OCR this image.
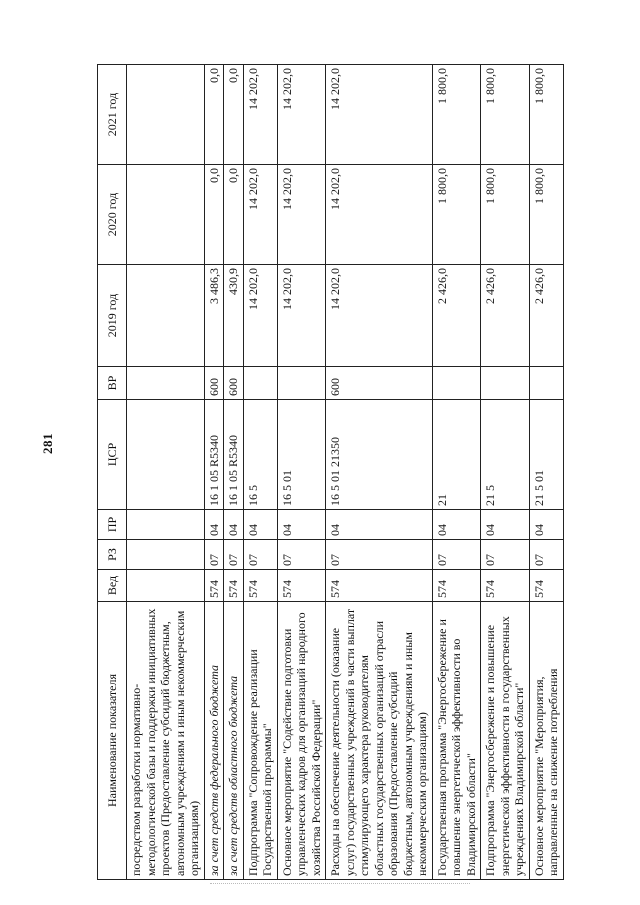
281
Наименование показателя	Вед	РЗ	ПР	ЦСР	ВР	2019 год	2020 год	2021 год
посредством разработки нормативно-методологической базы и поддержки инициативных проектов (Предоставление субсидий бюджетным, автономным учреждениям и иным некоммерческим организациям)								
за счет средств федерального бюджета	574	07	04	16 1 05 R5340	600	3 486,3	0,0	0,0
за счет средств областного бюджета	574	07	04	16 1 05 R5340	600	430,9	0,0	0,0
Подпрограмма "Сопровождение реализации Государственной программы"	574	07	04	16 5		14 202,0	14 202,0	14 202,0
Основное мероприятие "Содействие подготовки управленческих кадров для организаций народного хозяйства Российской Федерации"	574	07	04	16 5 01		14 202,0	14 202,0	14 202,0
Расходы на обеспечение деятельности (оказание услуг) государственных учреждений в части выплат стимулирующего характера руководителям областных государственных организаций отрасли образования (Предоставление субсидий бюджетным, автономным учреждениям и иным некоммерческим организациям)	574	07	04	16 5 01 21350	600	14 202,0	14 202,0	14 202,0
Государственная программа "Энергосбережение и повышение энергетической эффективности во Владимирской области"	574	07	04	21		2 426,0	1 800,0	1 800,0
Подпрограмма "Энергосбережение и повышение энергетической эффективности в государственных учреждениях Владимирской области"	574	07	04	21 5		2 426,0	1 800,0	1 800,0
Основное мероприятие "Мероприятия, направленные на снижение потребления	574	07	04	21 5 01		2 426,0	1 800,0	1 800,0
